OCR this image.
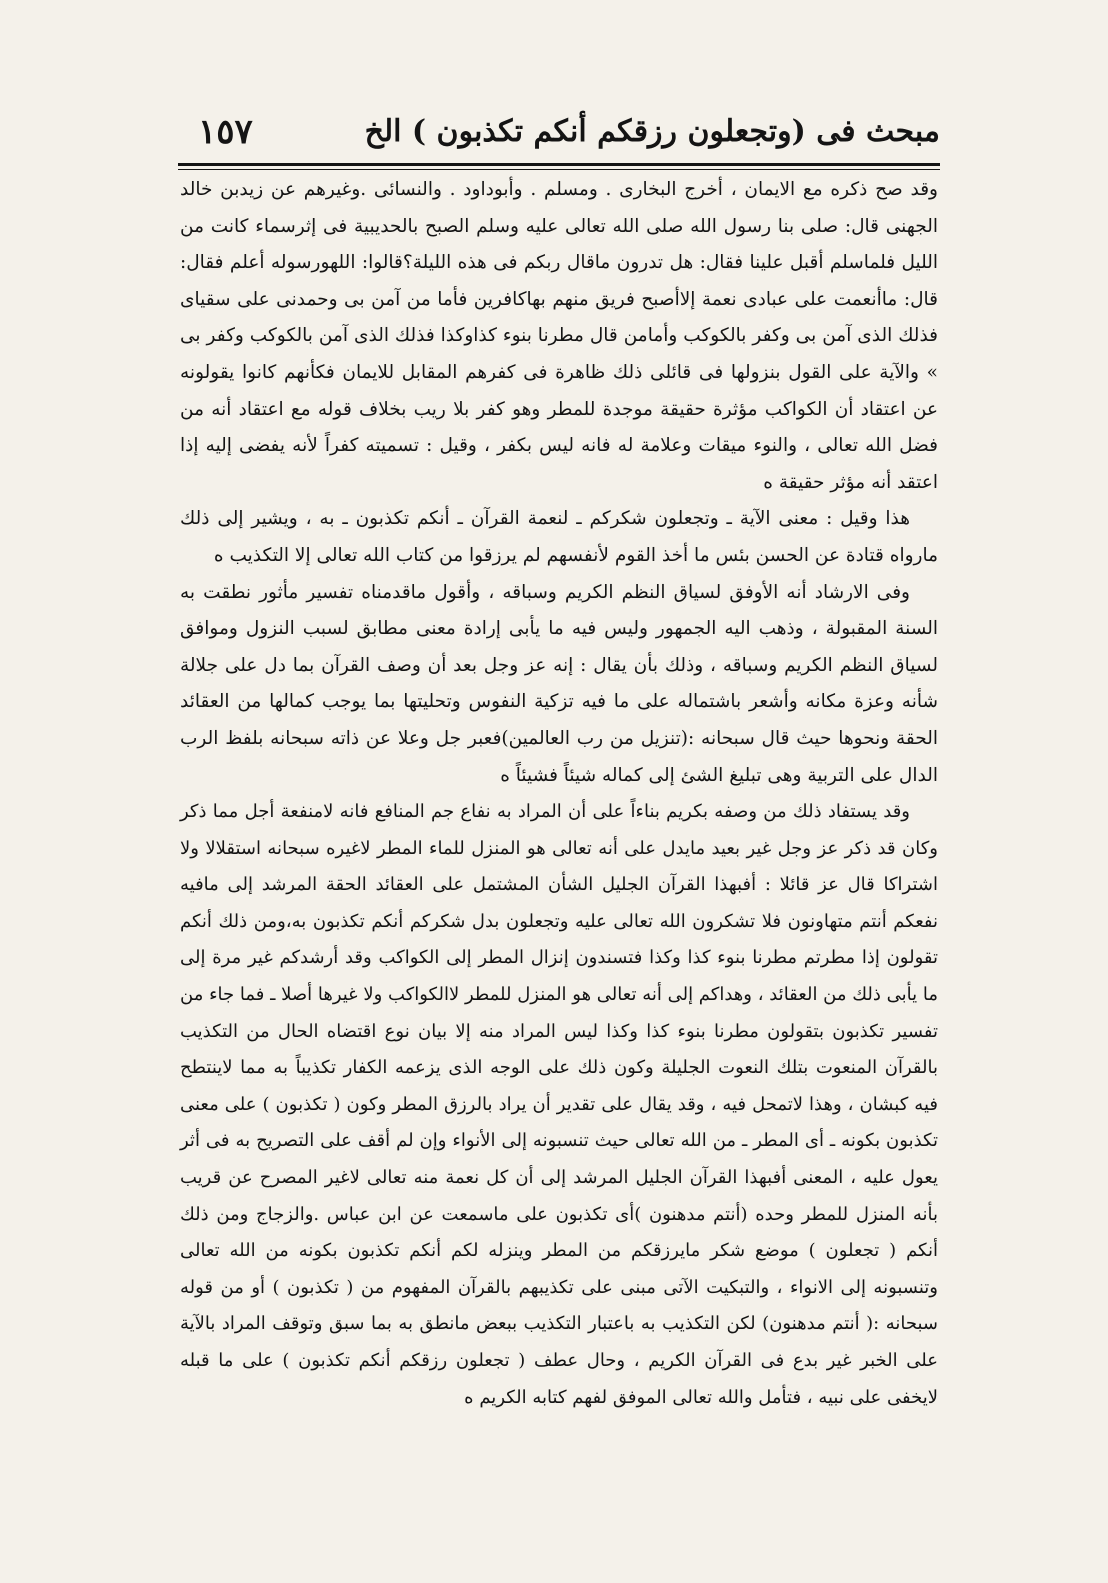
مبحث فى (وتجعلون رزقكم أنكم تكذبون ) الخ
١٥٧

وقد صح ذكره مع الايمان ، أخرج البخارى . ومسلم . وأبوداود . والنسائى .وغيرهم عن زيدبن خالد الجهنى قال: صلى بنا رسول الله صلى الله تعالى عليه وسلم الصبح بالحديبية فى إثرسماء كانت من الليل فلماسلم أقبل علينا فقال: هل تدرون ماقال ربكم فى هذه الليلة؟قالوا: اللهورسوله أعلم فقال: قال: ماأنعمت على عبادى نعمة إلاأصبح فريق منهم بهاكافرين فأما من آمن بى وحمدنى على سقياى فذلك الذى آمن بى وكفر بالكوكب وأمامن قال مطرنا بنوء كذاوكذا فذلك الذى آمن بالكوكب وكفر بى » والآية على القول بنزولها فى قائلى ذلك ظاهرة فى كفرهم المقابل للايمان فكأنهم كانوا يقولونه عن اعتقاد أن الكواكب مؤثرة حقيقة موجدة للمطر وهو كفر بلا ريب بخلاف قوله مع اعتقاد أنه من فضل الله تعالى ، والنوء ميقات وعلامة له فانه ليس بكفر ، وقيل : تسميته كفراً لأنه يفضى إليه إذا اعتقد أنه مؤثر حقيقة ه

هذا وقيل : معنى الآية ـ وتجعلون شكركم ـ لنعمة القرآن ـ أنكم تكذبون ـ به ، ويشير إلى ذلك مارواه قتادة عن الحسن بئس ما أخذ القوم لأنفسهم لم يرزقوا من كتاب الله تعالى إلا التكذيب ه

وفى الارشاد أنه الأوفق لسياق النظم الكريم وسباقه ، وأقول ماقدمناه تفسير مأثور نطقت به السنة المقبولة ، وذهب اليه الجمهور وليس فيه ما يأبى إرادة معنى مطابق لسبب النزول وموافق لسياق النظم الكريم وسباقه ، وذلك بأن يقال : إنه عز وجل بعد أن وصف القرآن بما دل على جلالة شأنه وعزة مكانه وأشعر باشتماله على ما فيه تزكية النفوس وتحليتها بما يوجب كمالها من العقائد الحقة ونحوها حيث قال سبحانه :(تنزيل من رب العالمين)فعبر جل وعلا عن ذاته سبحانه بلفظ الرب الدال على التربية وهى تبليغ الشئ إلى كماله شيئاً فشيئاً ه

وقد يستفاد ذلك من وصفه بكريم بناءاً على أن المراد به نفاع جم المنافع فانه لامنفعة أجل مما ذكر وكان قد ذكر عز وجل غير بعيد مايدل على أنه تعالى هو المنزل للماء المطر لاغيره سبحانه استقلالا ولا اشتراكا قال عز قائلا : أفبهذا القرآن الجليل الشأن المشتمل على العقائد الحقة المرشد إلى مافيه نفعكم أنتم متهاونون فلا تشكرون الله تعالى عليه وتجعلون بدل شكركم أنكم تكذبون به،ومن ذلك أنكم تقولون إذا مطرتم مطرنا بنوء كذا وكذا فتسندون إنزال المطر إلى الكواكب وقد أرشدكم غير مرة إلى ما يأبى ذلك من العقائد ، وهداكم إلى أنه تعالى هو المنزل للمطر لاالكواكب ولا غيرها أصلا ـ فما جاء من تفسير تكذبون بتقولون مطرنا بنوء كذا وكذا ليس المراد منه إلا بيان نوع اقتضاه الحال من التكذيب بالقرآن المنعوت بتلك النعوت الجليلة وكون ذلك على الوجه الذى يزعمه الكفار تكذيباً به مما لاينتطح فيه كبشان ، وهذا لاتمحل فيه ، وقد يقال على تقدير أن يراد بالرزق المطر وكون ( تكذبون ) على معنى تكذبون بكونه ـ أى المطر ـ من الله تعالى حيث تنسبونه إلى الأنواء وإن لم أقف على التصريح به فى أثر يعول عليه ، المعنى أفبهذا القرآن الجليل المرشد إلى أن كل نعمة منه تعالى لاغير المصرح عن قريب بأنه المنزل للمطر وحده (أنتم مدهنون )أى تكذبون على ماسمعت عن ابن عباس .والزجاج ومن ذلك أنكم ( تجعلون ) موضع شكر مايرزقكم من المطر وينزله لكم أنكم تكذبون بكونه من الله تعالى وتنسبونه إلى الانواء ، والتبكيت الآتى مبنى على تكذيبهم بالقرآن المفهوم من ( تكذبون ) أو من قوله سبحانه :( أنتم مدهنون) لكن التكذيب به باعتبار التكذيب ببعض مانطق به بما سبق وتوقف المراد بالآية على الخبر غير بدع فى القرآن الكريم ، وحال عطف ( تجعلون رزقكم أنكم تكذبون ) على ما قبله لايخفى على نبيه ، فتأمل والله تعالى الموفق لفهم كتابه الكريم ه
